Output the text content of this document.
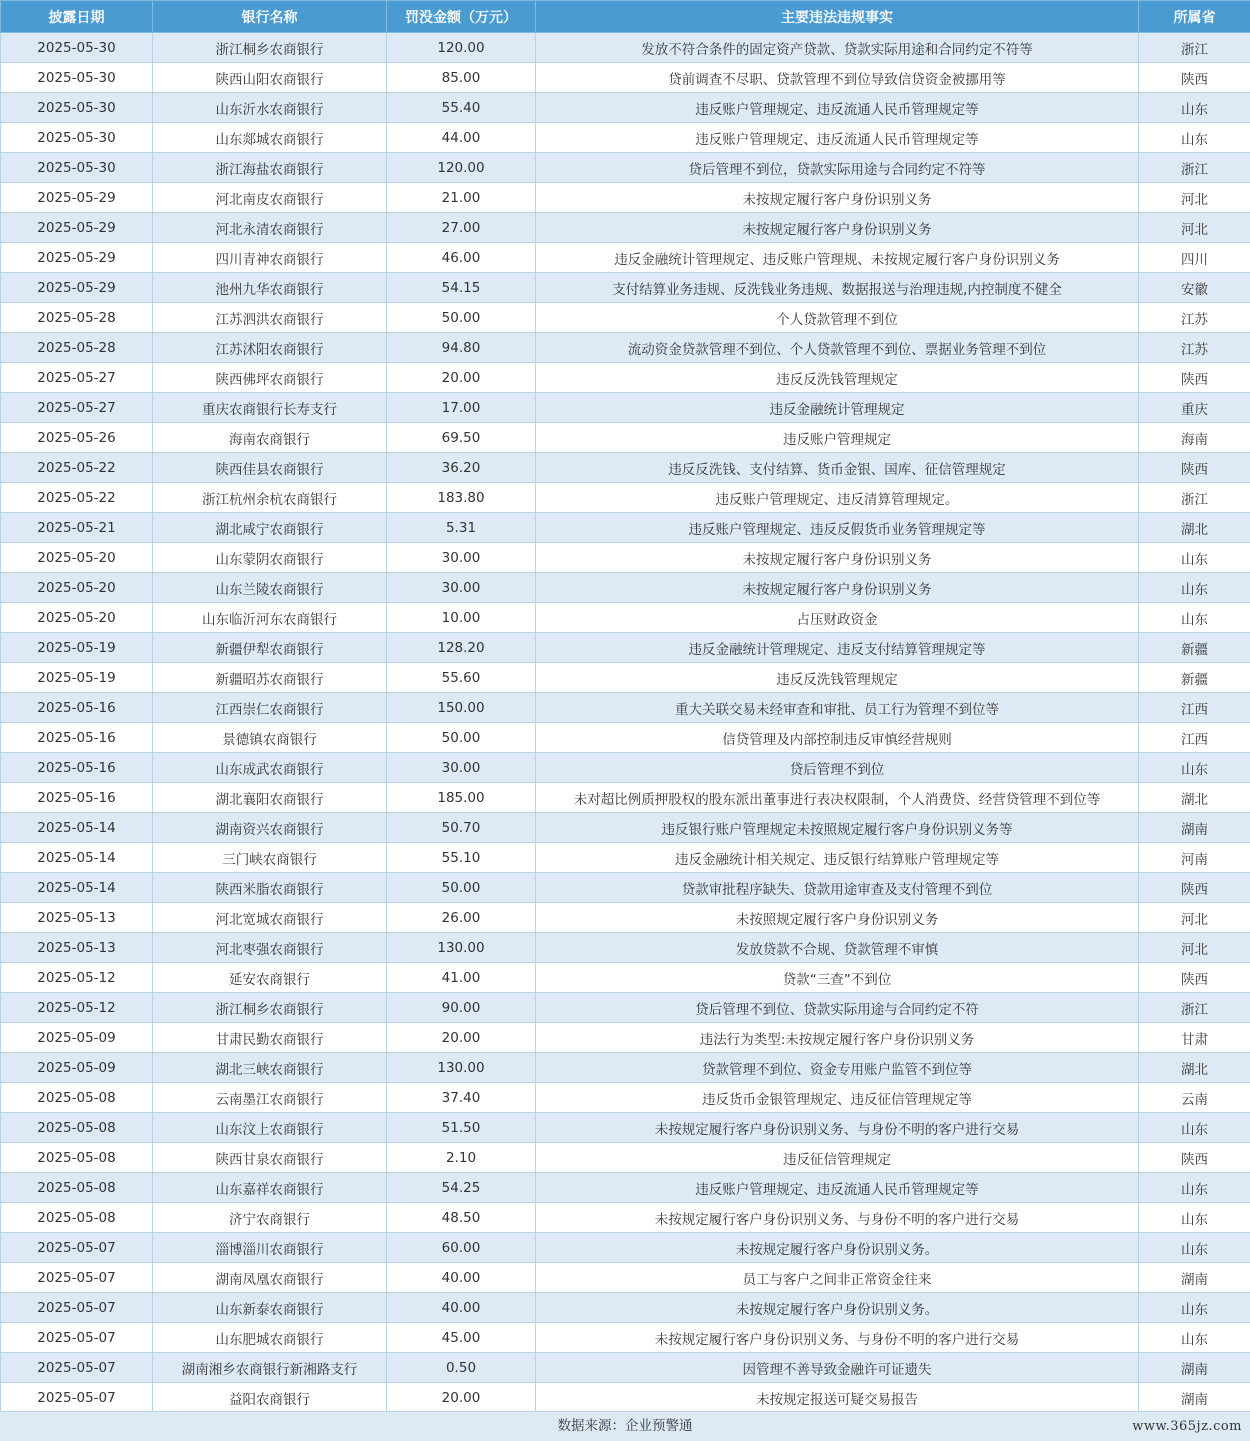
披露日期	银行名称	罚没金额（万元）	主要违法违规事实	所属省
2025-05-30	浙江桐乡农商银行	120.00	发放不符合条件的固定资产贷款、贷款实际用途和合同约定不符等	浙江
2025-05-30	陕西山阳农商银行	85.00	贷前调查不尽职、贷款管理不到位导致信贷资金被挪用等	陕西
2025-05-30	山东沂水农商银行	55.40	违反账户管理规定、违反流通人民币管理规定等	山东
2025-05-30	山东郯城农商银行	44.00	违反账户管理规定、违反流通人民币管理规定等	山东
2025-05-30	浙江海盐农商银行	120.00	贷后管理不到位，贷款实际用途与合同约定不符等	浙江
2025-05-29	河北南皮农商银行	21.00	未按规定履行客户身份识别义务	河北
2025-05-29	河北永清农商银行	27.00	未按规定履行客户身份识别义务	河北
2025-05-29	四川青神农商银行	46.00	违反金融统计管理规定、违反账户管理规、未按规定履行客户身份识别义务	四川
2025-05-29	池州九华农商银行	54.15	支付结算业务违规、反洗钱业务违规、数据报送与治理违规,内控制度不健全	安徽
2025-05-28	江苏泗洪农商银行	50.00	个人贷款管理不到位	江苏
2025-05-28	江苏沭阳农商银行	94.80	流动资金贷款管理不到位、个人贷款管理不到位、票据业务管理不到位	江苏
2025-05-27	陕西佛坪农商银行	20.00	违反反洗钱管理规定	陕西
2025-05-27	重庆农商银行长寿支行	17.00	违反金融统计管理规定	重庆
2025-05-26	海南农商银行	69.50	违反账户管理规定	海南
2025-05-22	陕西佳县农商银行	36.20	违反反洗钱、支付结算、货币金银、国库、征信管理规定	陕西
2025-05-22	浙江杭州余杭农商银行	183.80	违反账户管理规定、违反清算管理规定。	浙江
2025-05-21	湖北咸宁农商银行	5.31	违反账户管理规定、违反反假货币业务管理规定等	湖北
2025-05-20	山东蒙阴农商银行	30.00	未按规定履行客户身份识别义务	山东
2025-05-20	山东兰陵农商银行	30.00	未按规定履行客户身份识别义务	山东
2025-05-20	山东临沂河东农商银行	10.00	占压财政资金	山东
2025-05-19	新疆伊犁农商银行	128.20	违反金融统计管理规定、违反支付结算管理规定等	新疆
2025-05-19	新疆昭苏农商银行	55.60	违反反洗钱管理规定	新疆
2025-05-16	江西崇仁农商银行	150.00	重大关联交易未经审查和审批、员工行为管理不到位等	江西
2025-05-16	景德镇农商银行	50.00	信贷管理及内部控制违反审慎经营规则	江西
2025-05-16	山东成武农商银行	30.00	贷后管理不到位	山东
2025-05-16	湖北襄阳农商银行	185.00	未对超比例质押股权的股东派出董事进行表决权限制，个人消费贷、经营贷管理不到位等	湖北
2025-05-14	湖南资兴农商银行	50.70	违反银行账户管理规定未按照规定履行客户身份识别义务等	湖南
2025-05-14	三门峡农商银行	55.10	违反金融统计相关规定、违反银行结算账户管理规定等	河南
2025-05-14	陕西米脂农商银行	50.00	贷款审批程序缺失、贷款用途审查及支付管理不到位	陕西
2025-05-13	河北宽城农商银行	26.00	未按照规定履行客户身份识别义务	河北
2025-05-13	河北枣强农商银行	130.00	发放贷款不合规、贷款管理不审慎	河北
2025-05-12	延安农商银行	41.00	贷款“三查”不到位	陕西
2025-05-12	浙江桐乡农商银行	90.00	贷后管理不到位、贷款实际用途与合同约定不符	浙江
2025-05-09	甘肃民勤农商银行	20.00	违法行为类型:未按规定履行客户身份识别义务	甘肃
2025-05-09	湖北三峡农商银行	130.00	贷款管理不到位、资金专用账户监管不到位等	湖北
2025-05-08	云南墨江农商银行	37.40	违反货币金银管理规定、违反征信管理规定等	云南
2025-05-08	山东汶上农商银行	51.50	未按规定履行客户身份识别义务、与身份不明的客户进行交易	山东
2025-05-08	陕西甘泉农商银行	2.10	违反征信管理规定	陕西
2025-05-08	山东嘉祥农商银行	54.25	违反账户管理规定、违反流通人民币管理规定等	山东
2025-05-08	济宁农商银行	48.50	未按规定履行客户身份识别义务、与身份不明的客户进行交易	山东
2025-05-07	淄博淄川农商银行	60.00	未按规定履行客户身份识别义务。	山东
2025-05-07	湖南凤凰农商银行	40.00	员工与客户之间非正常资金往来	湖南
2025-05-07	山东新泰农商银行	40.00	未按规定履行客户身份识别义务。	山东
2025-05-07	山东肥城农商银行	45.00	未按规定履行客户身份识别义务、与身份不明的客户进行交易	山东
2025-05-07	湖南湘乡农商银行新湘路支行	0.50	因管理不善导致金融许可证遗失	湖南
2025-05-07	益阳农商银行	20.00	未按规定报送可疑交易报告	湖南
数据来源：企业预警通	www.365jz.com
